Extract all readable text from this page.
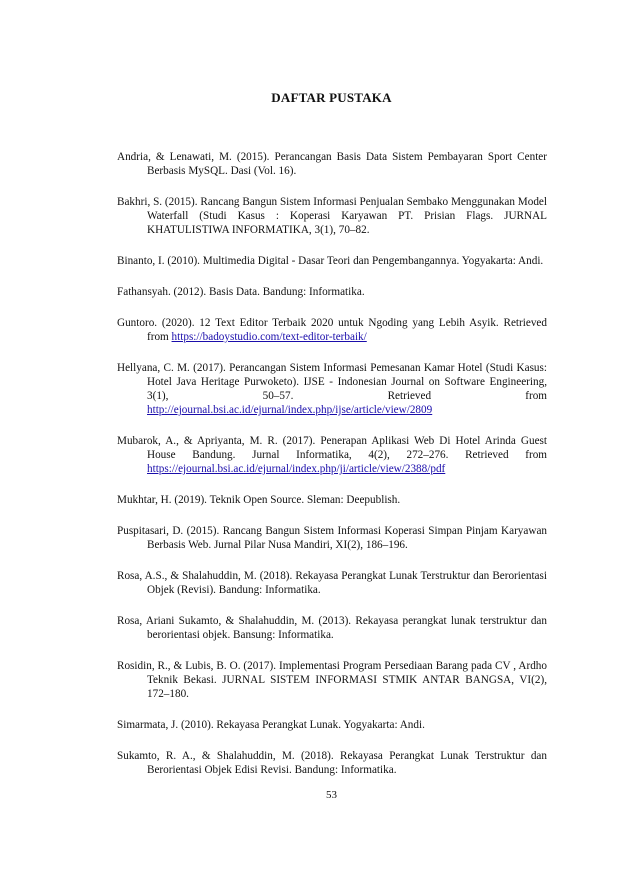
DAFTAR PUSTAKA

Andria, & Lenawati, M. (2015). Perancangan Basis Data Sistem Pembayaran Sport Center Berbasis MySQL. Dasi (Vol. 16).

Bakhri, S. (2015). Rancang Bangun Sistem Informasi Penjualan Sembako Menggunakan Model Waterfall (Studi Kasus : Koperasi Karyawan PT. Prisian Flags. JURNAL KHATULISTIWA INFORMATIKA, 3(1), 70–82.

Binanto, I. (2010). Multimedia Digital - Dasar Teori dan Pengembangannya. Yogyakarta: Andi.

Fathansyah. (2012). Basis Data. Bandung: Informatika.

Guntoro. (2020). 12 Text Editor Terbaik 2020 untuk Ngoding yang Lebih Asyik. Retrieved from https://badoystudio.com/text-editor-terbaik/

Hellyana, C. M. (2017). Perancangan Sistem Informasi Pemesanan Kamar Hotel (Studi Kasus: Hotel Java Heritage Purwoketo). IJSE - Indonesian Journal on Software Engineering, 3(1), 50–57. Retrieved from http://ejournal.bsi.ac.id/ejurnal/index.php/ijse/article/view/2809

Mubarok, A., & Apriyanta, M. R. (2017). Penerapan Aplikasi Web Di Hotel Arinda Guest House Bandung. Jurnal Informatika, 4(2), 272–276. Retrieved from https://ejournal.bsi.ac.id/ejurnal/index.php/ji/article/view/2388/pdf

Mukhtar, H. (2019). Teknik Open Source. Sleman: Deepublish.

Puspitasari, D. (2015). Rancang Bangun Sistem Informasi Koperasi Simpan Pinjam Karyawan Berbasis Web. Jurnal Pilar Nusa Mandiri, XI(2), 186–196.

Rosa, A.S., & Shalahuddin, M. (2018). Rekayasa Perangkat Lunak Terstruktur dan Berorientasi Objek (Revisi). Bandung: Informatika.

Rosa, Ariani Sukamto, & Shalahuddin, M. (2013). Rekayasa perangkat lunak terstruktur dan berorientasi objek. Bansung: Informatika.

Rosidin, R., & Lubis, B. O. (2017). Implementasi Program Persediaan Barang pada CV , Ardho Teknik Bekasi. JURNAL SISTEM INFORMASI STMIK ANTAR BANGSA, VI(2), 172–180.

Simarmata, J. (2010). Rekayasa Perangkat Lunak. Yogyakarta: Andi.

Sukamto, R. A., & Shalahuddin, M. (2018). Rekayasa Perangkat Lunak Terstruktur dan Berorientasi Objek Edisi Revisi. Bandung: Informatika.

53
